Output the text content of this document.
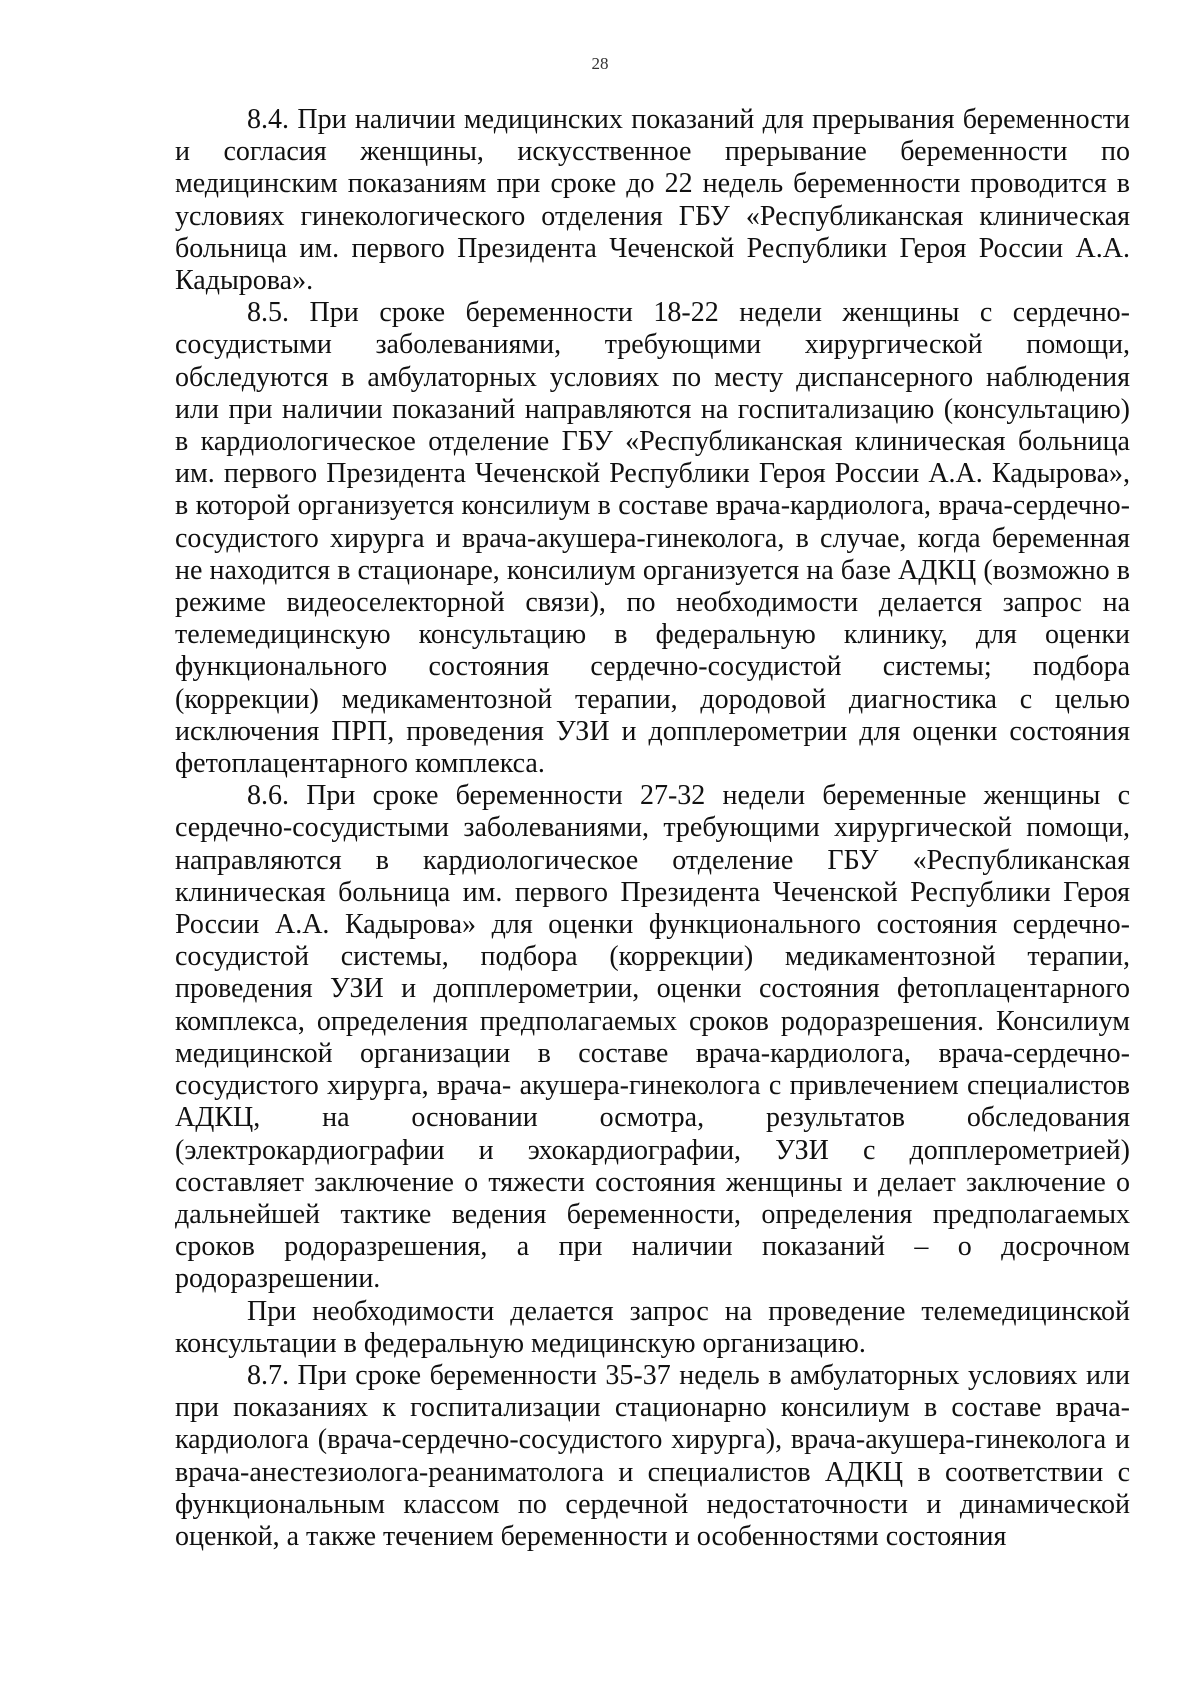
28

8.4. При наличии медицинских показаний для прерывания беременности и согласия женщины, искусственное прерывание беременности по медицинским показаниям при сроке до 22 недель беременности проводится в условиях гинекологического отделения ГБУ «Республиканская клиническая больница им. первого Президента Чеченской Республики Героя России А.А. Кадырова».

8.5. При сроке беременности 18-22 недели женщины с сердечно-сосудистыми заболеваниями, требующими хирургической помощи, обследуются в амбулаторных условиях по месту диспансерного наблюдения или при наличии показаний направляются на госпитализацию (консультацию) в кардиологическое отделение ГБУ «Республиканская клиническая больница им. первого Президента Чеченской Республики Героя России А.А. Кадырова», в которой организуется консилиум в составе врача-кардиолога, врача-сердечно-сосудистого хирурга и врача-акушера-гинеколога, в случае, когда беременная не находится в стационаре, консилиум организуется на базе АДКЦ (возможно в режиме видеоселекторной связи), по необходимости делается запрос на телемедицинскую консультацию в федеральную клинику, для оценки функционального состояния сердечно-сосудистой системы; подбора (коррекции) медикаментозной терапии, дородовой диагностика с целью исключения ПРП, проведения УЗИ и допплерометрии для оценки состояния фетоплацентарного комплекса.

8.6. При сроке беременности 27-32 недели беременные женщины с сердечно-сосудистыми заболеваниями, требующими хирургической помощи, направляются в кардиологическое отделение ГБУ «Республиканская клиническая больница им. первого Президента Чеченской Республики Героя России А.А. Кадырова» для оценки функционального состояния сердечно-сосудистой системы, подбора (коррекции) медикаментозной терапии, проведения УЗИ и допплерометрии, оценки состояния фетоплацентарного комплекса, определения предполагаемых сроков родоразрешения. Консилиум медицинской организации в составе врача-кардиолога, врача-сердечно-сосудистого хирурга, врача- акушера-гинеколога с привлечением специалистов АДКЦ, на основании осмотра, результатов обследования (электрокардиографии и эхокардиографии, УЗИ с допплерометрией) составляет заключение о тяжести состояния женщины и делает заключение о дальнейшей тактике ведения беременности, определения предполагаемых сроков родоразрешения, а при наличии показаний – о досрочном родоразрешении.

При необходимости делается запрос на проведение телемедицинской консультации в федеральную медицинскую организацию.

8.7. При сроке беременности 35-37 недель в амбулаторных условиях или при показаниях к госпитализации стационарно консилиум в составе врача-кардиолога (врача-сердечно-сосудистого хирурга), врача-акушера-гинеколога и врача-анестезиолога-реаниматолога и специалистов АДКЦ в соответствии с функциональным классом по сердечной недостаточности и динамической оценкой, а также течением беременности и особенностями состояния
